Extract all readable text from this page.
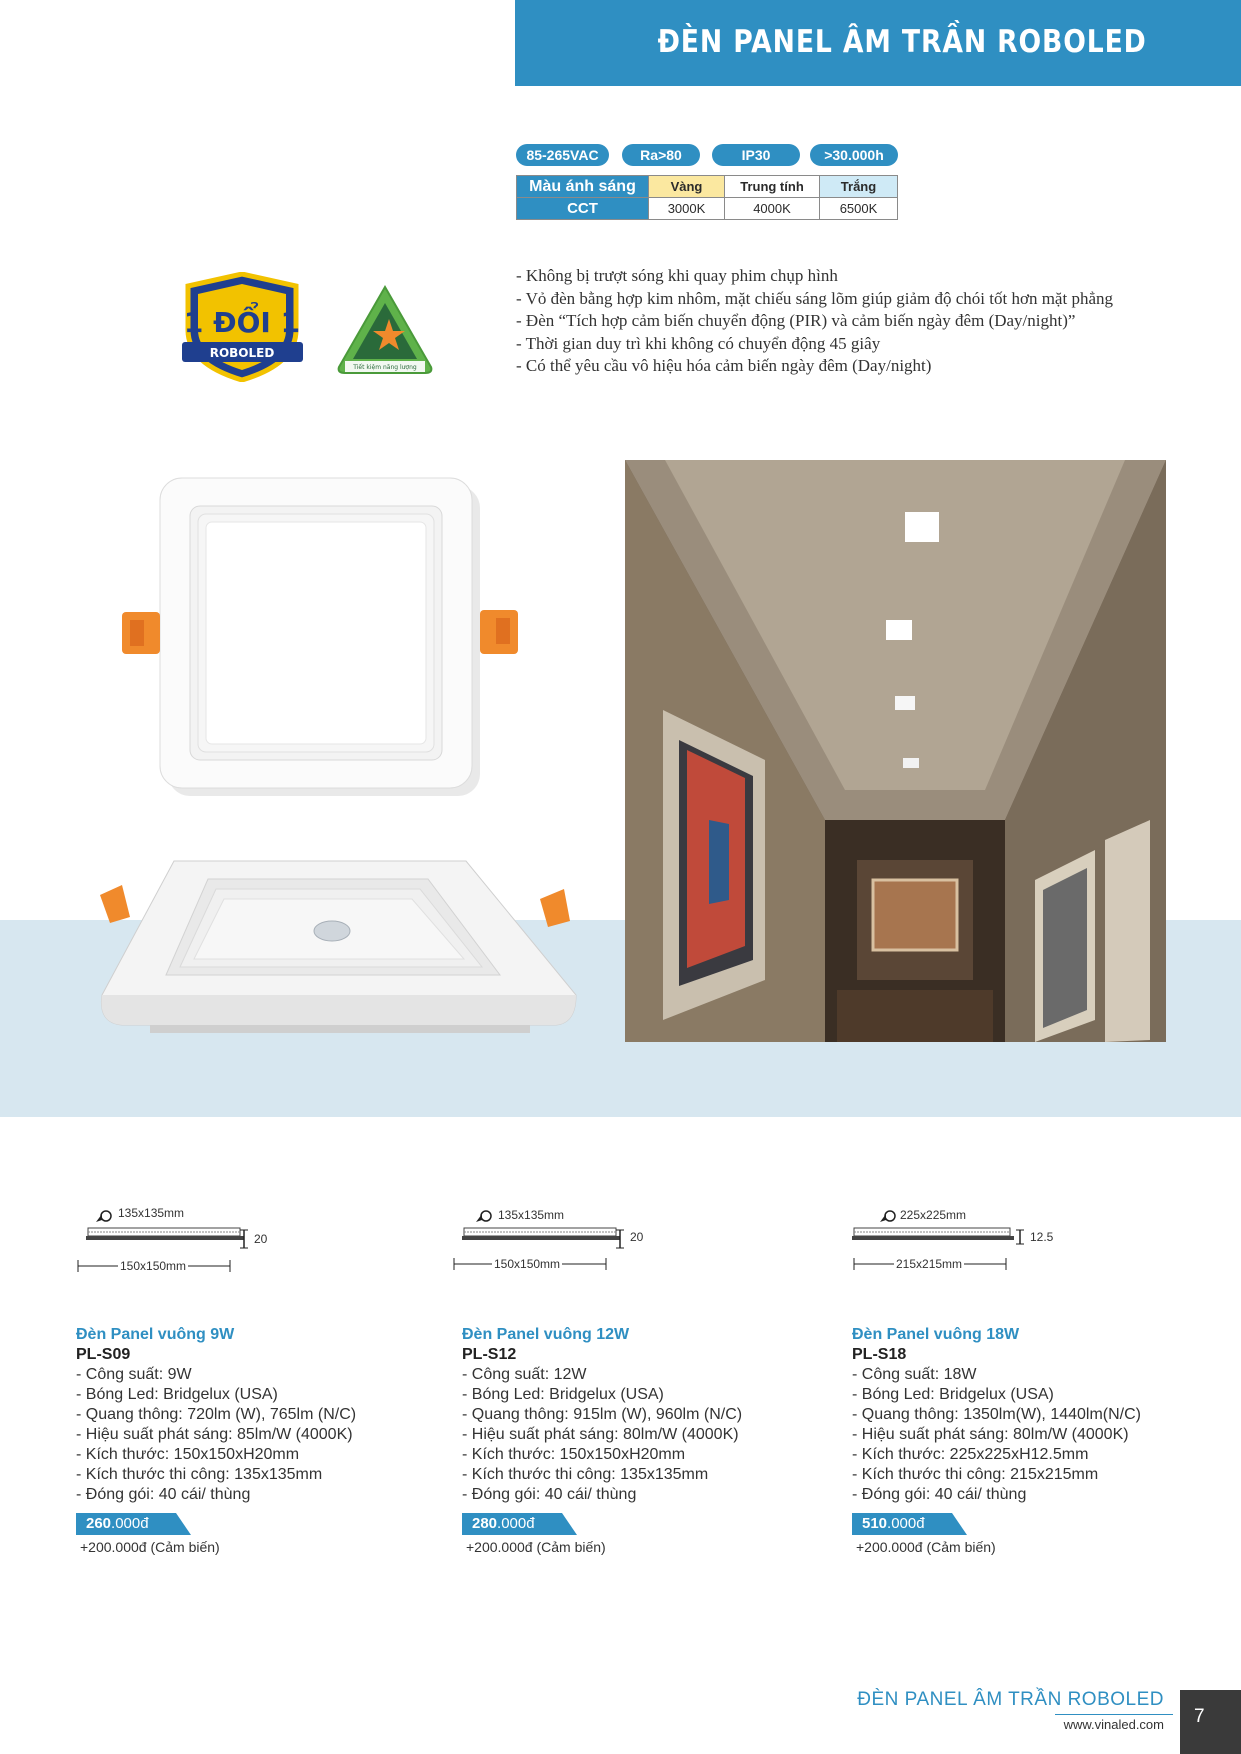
ĐÈN PANEL ÂM TRẦN ROBOLED
85-265VAC	Ra>80	IP30	>30.000h
Màu ánh sáng	Vàng	Trung tính	Trắng
CCT	3000K	4000K	6500K
1 ĐỔI 1
ROBOLED
Tiết kiệm năng lượng
- Không bị trượt sóng khi quay phim chụp hình
- Vỏ đèn bằng hợp kim nhôm, mặt chiếu sáng lõm giúp giảm độ chói tốt hơn mặt phẳng
- Đèn “Tích hợp cảm biến chuyển động (PIR) và cảm biến ngày đêm (Day/night)”
- Thời gian duy trì khi không có chuyển động 45 giây
- Có thể yêu cầu vô hiệu hóa cảm biến ngày đêm (Day/night)
135x135mm
20
150x150mm
135x135mm
20
150x150mm
225x225mm
12.5
215x215mm
Đèn Panel vuông 9W
PL-S09
- Công suất: 9W
- Bóng Led: Bridgelux (USA)
- Quang thông: 720lm (W), 765lm (N/C)
- Hiệu suất phát sáng: 85lm/W (4000K)
- Kích thước: 150x150xH20mm
- Kích thước thi công: 135x135mm
- Đóng gói: 40 cái/ thùng
260.000đ
+200.000đ (Cảm biến)
Đèn Panel vuông 12W
PL-S12
- Công suất: 12W
- Bóng Led: Bridgelux (USA)
- Quang thông: 915lm (W), 960lm (N/C)
- Hiệu suất phát sáng: 80lm/W (4000K)
- Kích thước: 150x150xH20mm
- Kích thước thi công: 135x135mm
- Đóng gói: 40 cái/ thùng
280.000đ
+200.000đ (Cảm biến)
Đèn Panel vuông 18W
PL-S18
- Công suất: 18W
- Bóng Led: Bridgelux (USA)
- Quang thông: 1350lm(W), 1440lm(N/C)
- Hiệu suất phát sáng: 80lm/W (4000K)
- Kích thước: 225x225xH12.5mm
- Kích thước thi công: 215x215mm
- Đóng gói: 40 cái/ thùng
510.000đ
+200.000đ (Cảm biến)
ĐÈN PANEL ÂM TRẦN ROBOLED
www.vinaled.com 7
